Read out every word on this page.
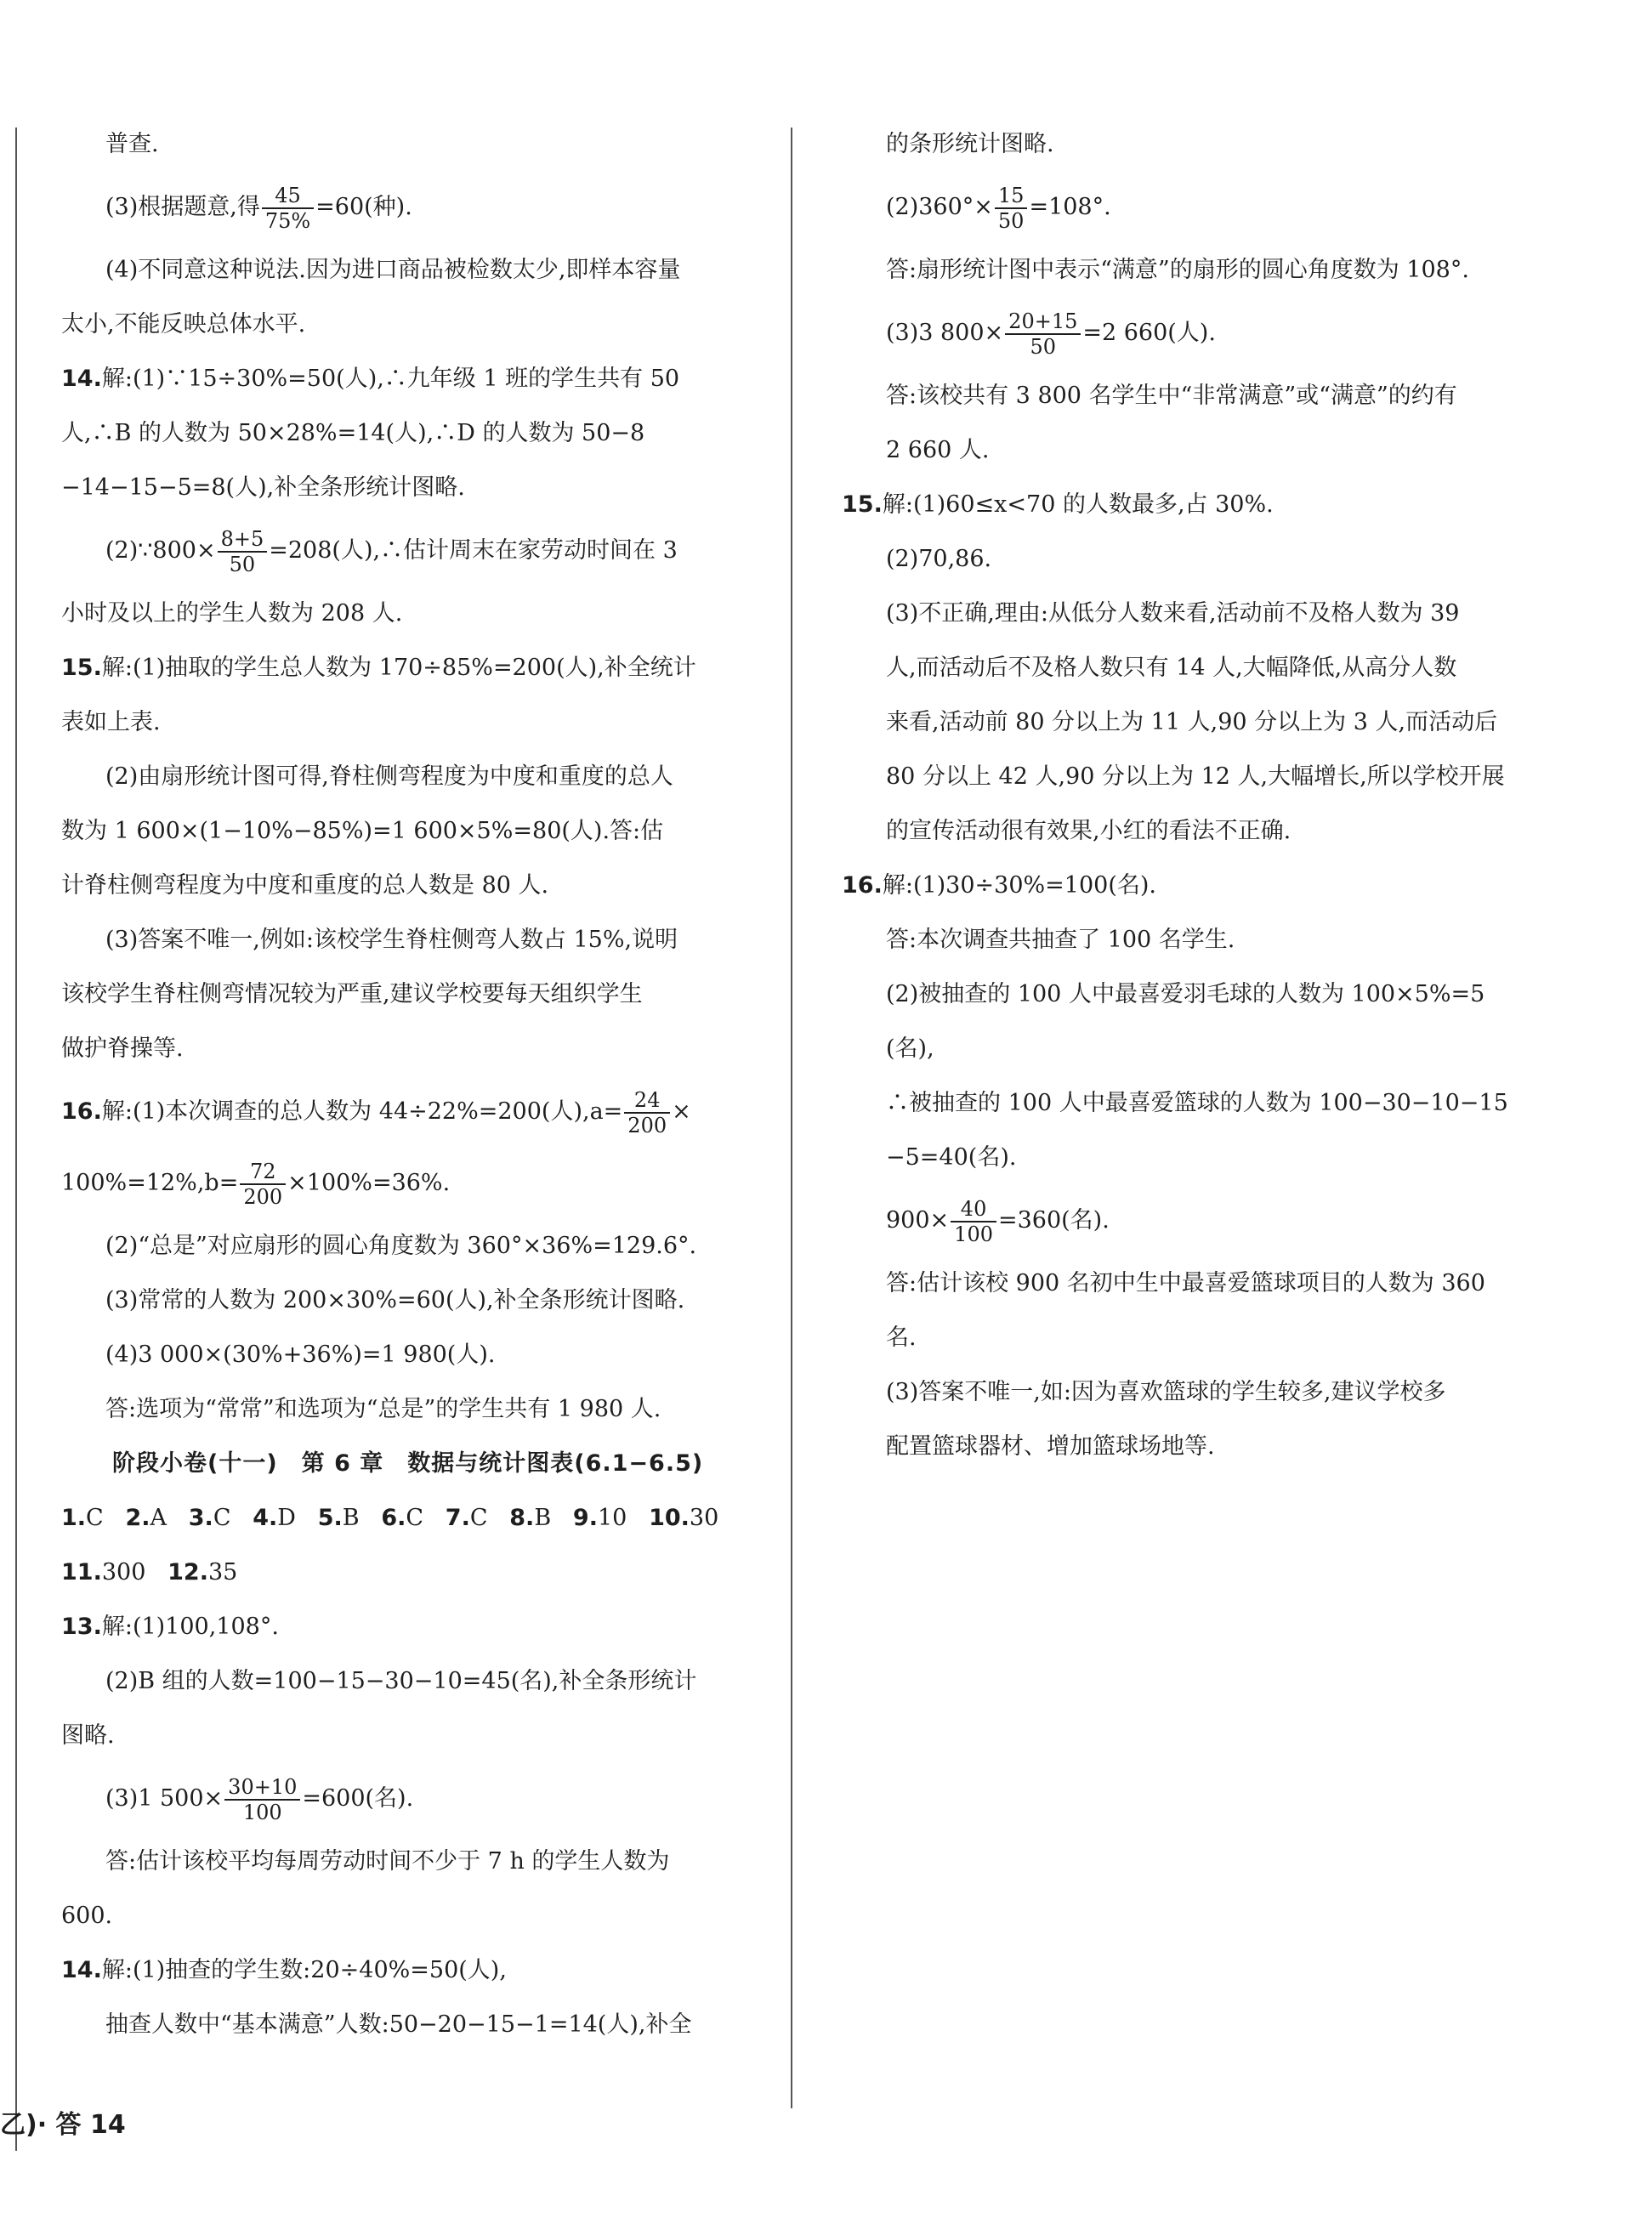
普查.
(3)根据题意,得 $\frac{45}{75\%} =60$(种).
(4)不同意这种说法.因为进口商品被检数太少,即样本容量
太小,不能反映总体水平.
14.解:(1)∵15÷30%=50(人),∴九年级 1 班的学生共有 50
人,∴B 的人数为 50×28%=14(人),∴D 的人数为 50−8
−14−15−5=8(人),补全条形统计图略.
(2)∵800× $\frac{8+5}{50} =208$(人),∴估计周末在家劳动时间在 3
小时及以上的学生人数为 208 人.
15.解:(1)抽取的学生总人数为 170÷85%=200(人),补全统计
表如上表.
(2)由扇形统计图可得,脊柱侧弯程度为中度和重度的总人
数为 1 600×(1−10%−85%)=1 600×5%=80(人).答:估
计脊柱侧弯程度为中度和重度的总人数是 80 人.
(3)答案不唯一,例如:该校学生脊柱侧弯人数占 15%,说明
该校学生脊柱侧弯情况较为严重,建议学校要每天组织学生
做护脊操等.
16.解:(1)本次调查的总人数为 44÷22%=200(人)$,a= \frac{24}{200}$ ×
$100\%=12\%,b= \frac{72}{200} \times 100\%=36\%$.
(2)“总是”对应扇形的圆心角度数为 360°×36%=129.6°.
(3)常常的人数为 200×30%=60(人),补全条形统计图略.
(4)3 000×(30%+36%)=1 980(人).
答:选项为“常常”和选项为“总是”的学生共有 1 980 人.
阶段小卷(十一)　第 6 章　数据与统计图表(6.1−6.5)
1.C 2.A 3.C 4.D 5.B 6.C 7.C 8.B 9.10 10.30
11.300 12.35
13.解:(1)100,108°.
(2)B 组的人数=100−15−30−10=45(名),补全条形统计
图略.
(3)1 $500\times \frac{30+10}{100} =600$(名).
答:估计该校平均每周劳动时间不少于 7 h 的学生人数为
600.
14.解:(1)抽查的学生数:20÷40%=50(人),
抽查人数中“基本满意”人数:50−20−15−1=14(人),补全
的条形统计图略.
$(2)360^\circ\times \frac{15}{50} =108^\circ$.
答:扇形统计图中表示“满意”的扇形的圆心角度数为 108°.
(3)3 $800\times \frac{20+15}{50} =2$ 660(人).
答:该校共有 3 800 名学生中“非常满意”或“满意”的约有
2 660 人.
15.解:(1)60≤x<70 的人数最多,占 30%.
(2)70,86.
(3)不正确,理由:从低分人数来看,活动前不及格人数为 39
人,而活动后不及格人数只有 14 人,大幅降低,从高分人数
来看,活动前 80 分以上为 11 人,90 分以上为 3 人,而活动后
80 分以上 42 人,90 分以上为 12 人,大幅增长,所以学校开展
的宣传活动很有效果,小红的看法不正确.
16.解:(1)30÷30%=100(名).
答:本次调查共抽查了 100 名学生.
(2)被抽查的 100 人中最喜爱羽毛球的人数为 100×5%=5
(名),
∴被抽查的 100 人中最喜爱篮球的人数为 100−30−10−15
−5=40(名).
$900\times \frac{40}{100} =360$(名).
答:估计该校 900 名初中生中最喜爱篮球项目的人数为 360
名.
(3)答案不唯一,如:因为喜欢篮球的学生较多,建议学校多
配置篮球器材、增加篮球场地等.
乙)· 答 14
